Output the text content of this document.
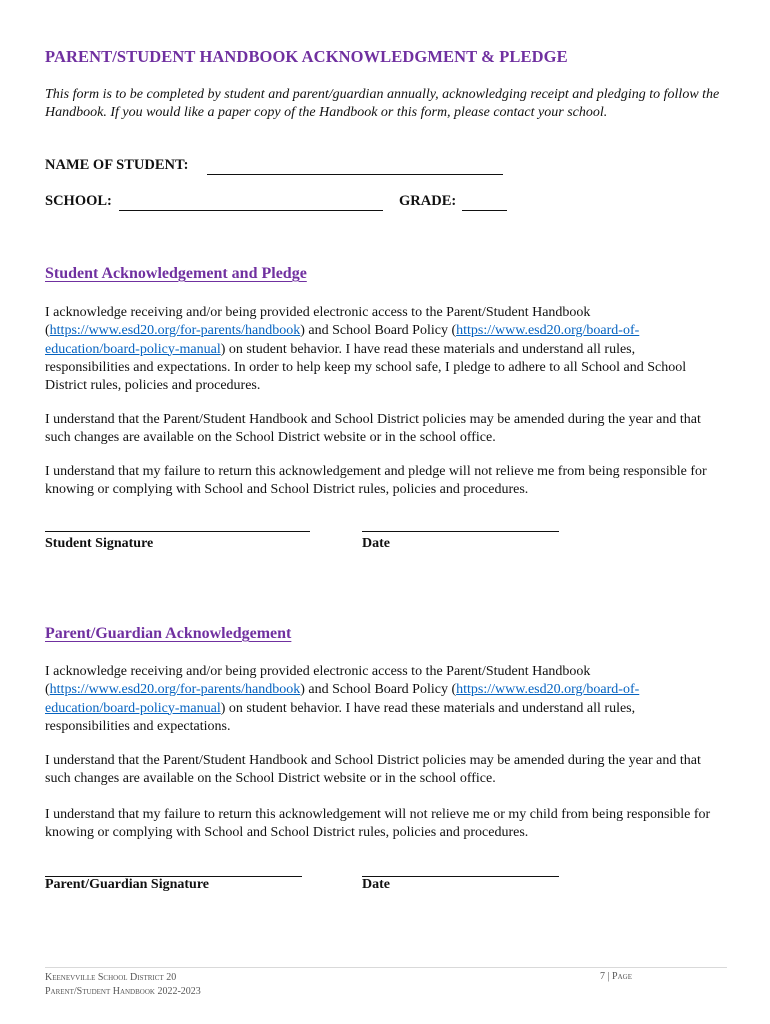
PARENT/STUDENT HANDBOOK ACKNOWLEDGMENT & PLEDGE
This form is to be completed by student and parent/guardian annually, acknowledging receipt and pledging to follow the Handbook. If you would like a paper copy of the Handbook or this form, please contact your school.
NAME OF STUDENT:
SCHOOL:	GRADE:
Student Acknowledgement and Pledge
I acknowledge receiving and/or being provided electronic access to the Parent/Student Handbook (https://www.esd20.org/for-parents/handbook) and School Board Policy (https://www.esd20.org/board-of-education/board-policy-manual) on student behavior. I have read these materials and understand all rules, responsibilities and expectations. In order to help keep my school safe, I pledge to adhere to all School and School District rules, policies and procedures.
I understand that the Parent/Student Handbook and School District policies may be amended during the year and that such changes are available on the School District website or in the school office.
I understand that my failure to return this acknowledgement and pledge will not relieve me from being responsible for knowing or complying with School and School District rules, policies and procedures.
Student Signature	Date
Parent/Guardian Acknowledgement
I acknowledge receiving and/or being provided electronic access to the Parent/Student Handbook (https://www.esd20.org/for-parents/handbook) and School Board Policy (https://www.esd20.org/board-of-education/board-policy-manual) on student behavior. I have read these materials and understand all rules, responsibilities and expectations.
I understand that the Parent/Student Handbook and School District policies may be amended during the year and that such changes are available on the School District website or in the school office.
I understand that my failure to return this acknowledgement will not relieve me or my child from being responsible for knowing or complying with School and School District rules, policies and procedures.
Parent/Guardian Signature	Date
Keenevville School District 20
Parent/Student Handbook 2022-2023
7 | Page
